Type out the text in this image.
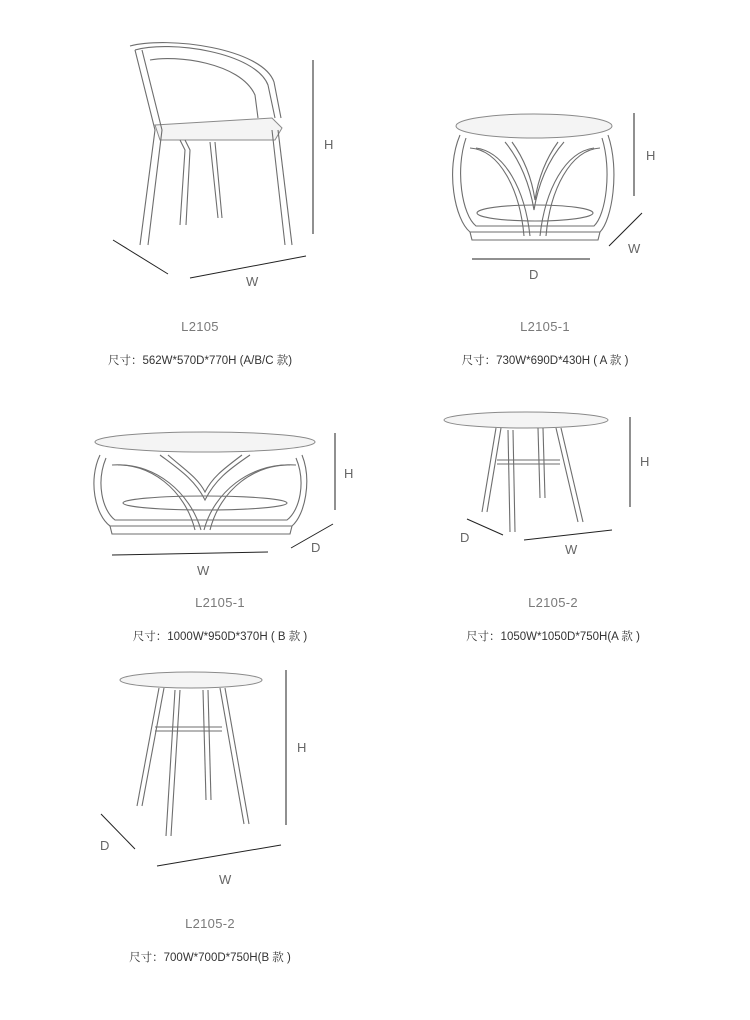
H
W
H
W
D
H
D
W
H
D
W
H
D
W
L2105
尺寸：562W*570D*770H (A/B/C 款)
L2105-1
尺寸：730W*690D*430H ( A 款 )
L2105-1
尺寸：1000W*950D*370H ( B 款 )
L2105-2
尺寸：1050W*1050D*750H(A 款 )
L2105-2
尺寸：700W*700D*750H(B 款 )
